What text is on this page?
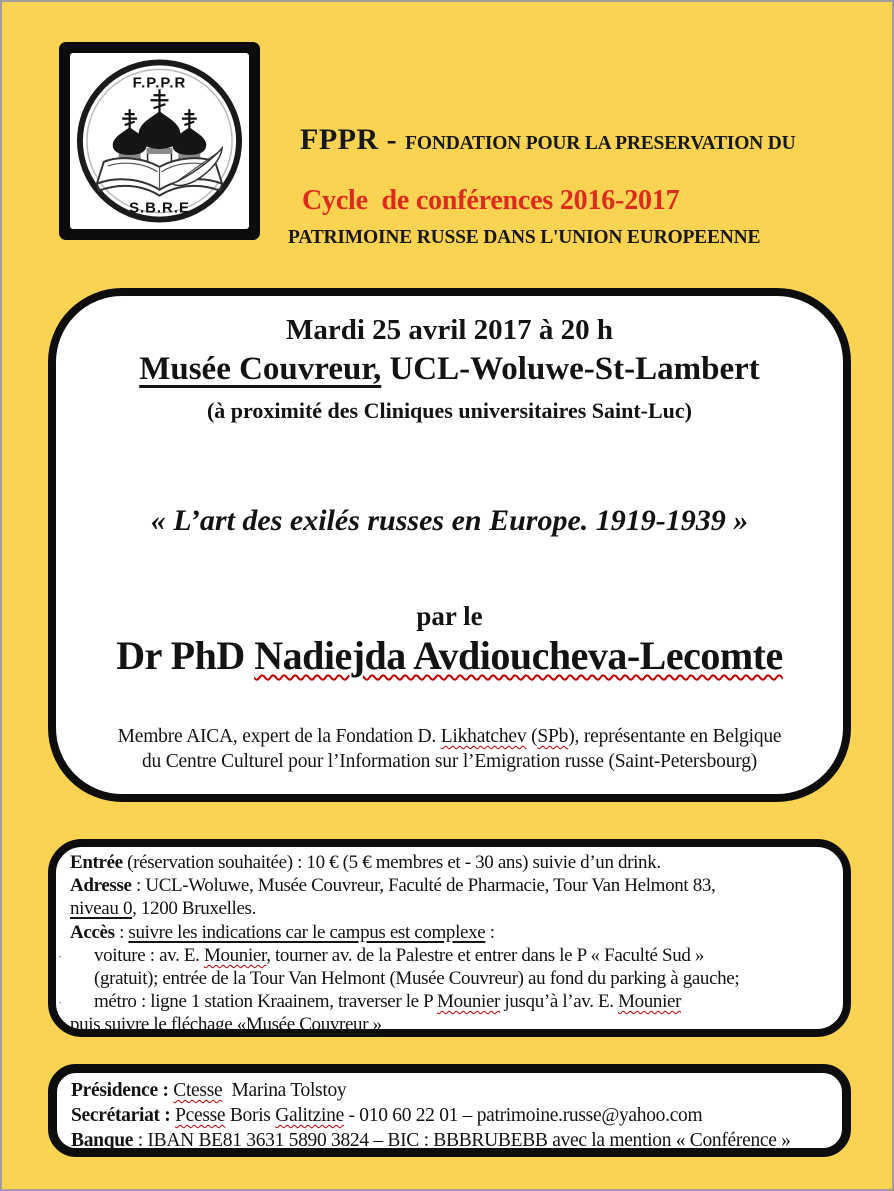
F.P.P.R
S.B.R.E

FPPR - FONDATION POUR LA PRESERVATION DU

PATRIMOINE RUSSE DANS L'UNION EUROPEENNE

Cycle  de conférences 2016-2017

Mardi 25 avril 2017 à 20 h

Musée Couvreur, UCL-Woluwe-St-Lambert

(à proximité des Cliniques universitaires Saint-Luc)

« L’art des exilés russes en Europe. 1919-1939 »

par le

Dr PhD Nadiejda Avdioucheva-Lecomte

Membre AICA, expert de la Fondation D. Likhatchev (SPb), représentante en Belgique
du Centre Culturel pour l’Information sur l’Emigration russe (Saint-Petersbourg)

Entrée (réservation souhaitée) : 10 € (5 € membres et - 30 ans) suivie d’un drink.

Adresse : UCL-Woluwe, Musée Couvreur, Faculté de Pharmacie, Tour Van Helmont 83,

niveau 0, 1200 Bruxelles.

Accès : suivre les indications car le campus est complexe :

· voiture : av. E. Mounier, tourner av. de la Palestre et entrer dans le P « Faculté Sud »

(gratuit); entrée de la Tour Van Helmont (Musée Couvreur) au fond du parking à gauche;

· métro : ligne 1 station Kraainem, traverser le P Mounier jusqu’à l’av. E. Mounier

puis suivre le fléchage «Musée Couvreur »

Présidence : Ctesse  Marina Tolstoy

Secrétariat : Pcesse Boris Galitzine - 010 60 22 01 – patrimoine.russe@yahoo.com

Banque : IBAN BE81 3631 5890 3824 – BIC : BBBRUBEBB avec la mention « Conférence »
